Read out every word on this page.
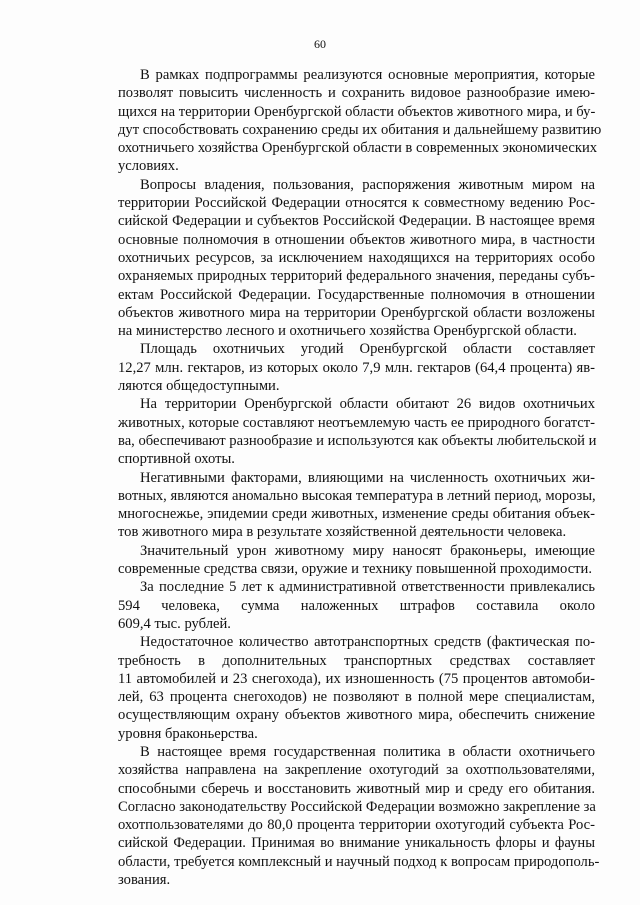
60
В рамках подпрограммы реализуются основные мероприятия, которые
позволят повысить численность и сохранить видовое разнообразие имею-
щихся на территории Оренбургской области объектов животного мира, и бу-
дут способствовать сохранению среды их обитания и дальнейшему развитию
охотничьего хозяйства Оренбургской области в современных экономических
условиях.
Вопросы владения, пользования, распоряжения животным миром на
территории Российской Федерации относятся к совместному ведению Рос-
сийской Федерации и субъектов Российской Федерации. В настоящее время
основные полномочия в отношении объектов животного мира, в частности
охотничьих ресурсов, за исключением находящихся на территориях особо
охраняемых природных территорий федерального значения, переданы субъ-
ектам Российской Федерации. Государственные полномочия в отношении
объектов животного мира на территории Оренбургской области возложены
на министерство лесного и охотничьего хозяйства Оренбургской области.
Площадь охотничьих угодий Оренбургской области составляет
12,27 млн. гектаров, из которых около 7,9 млн. гектаров (64,4 процента) яв-
ляются общедоступными.
На территории Оренбургской области обитают 26 видов охотничьих
животных, которые составляют неотъемлемую часть ее природного богатст-
ва, обеспечивают разнообразие и используются как объекты любительской и
спортивной охоты.
Негативными факторами, влияющими на численность охотничьих жи-
вотных, являются аномально высокая температура в летний период, морозы,
многоснежье, эпидемии среди животных, изменение среды обитания объек-
тов животного мира в результате хозяйственной деятельности человека.
Значительный урон животному миру наносят браконьеры, имеющие
современные средства связи, оружие и технику повышенной проходимости.
За последние 5 лет к административной ответственности привлекались
594 человека, сумма наложенных штрафов составила около
609,4 тыс. рублей.
Недостаточное количество автотранспортных средств (фактическая по-
требность в дополнительных транспортных средствах составляет
11 автомобилей и 23 снегохода), их изношенность (75 процентов автомоби-
лей, 63 процента снегоходов) не позволяют в полной мере специалистам,
осуществляющим охрану объектов животного мира, обеспечить снижение
уровня браконьерства.
В настоящее время государственная политика в области охотничьего
хозяйства направлена на закрепление охотугодий за охотпользователями,
способными сберечь и восстановить животный мир и среду его обитания.
Согласно законодательству Российской Федерации возможно закрепление за
охотпользователями до 80,0 процента территории охотугодий субъекта Рос-
сийской Федерации. Принимая во внимание уникальность флоры и фауны
области, требуется комплексный и научный подход к вопросам природополь-
зования.
